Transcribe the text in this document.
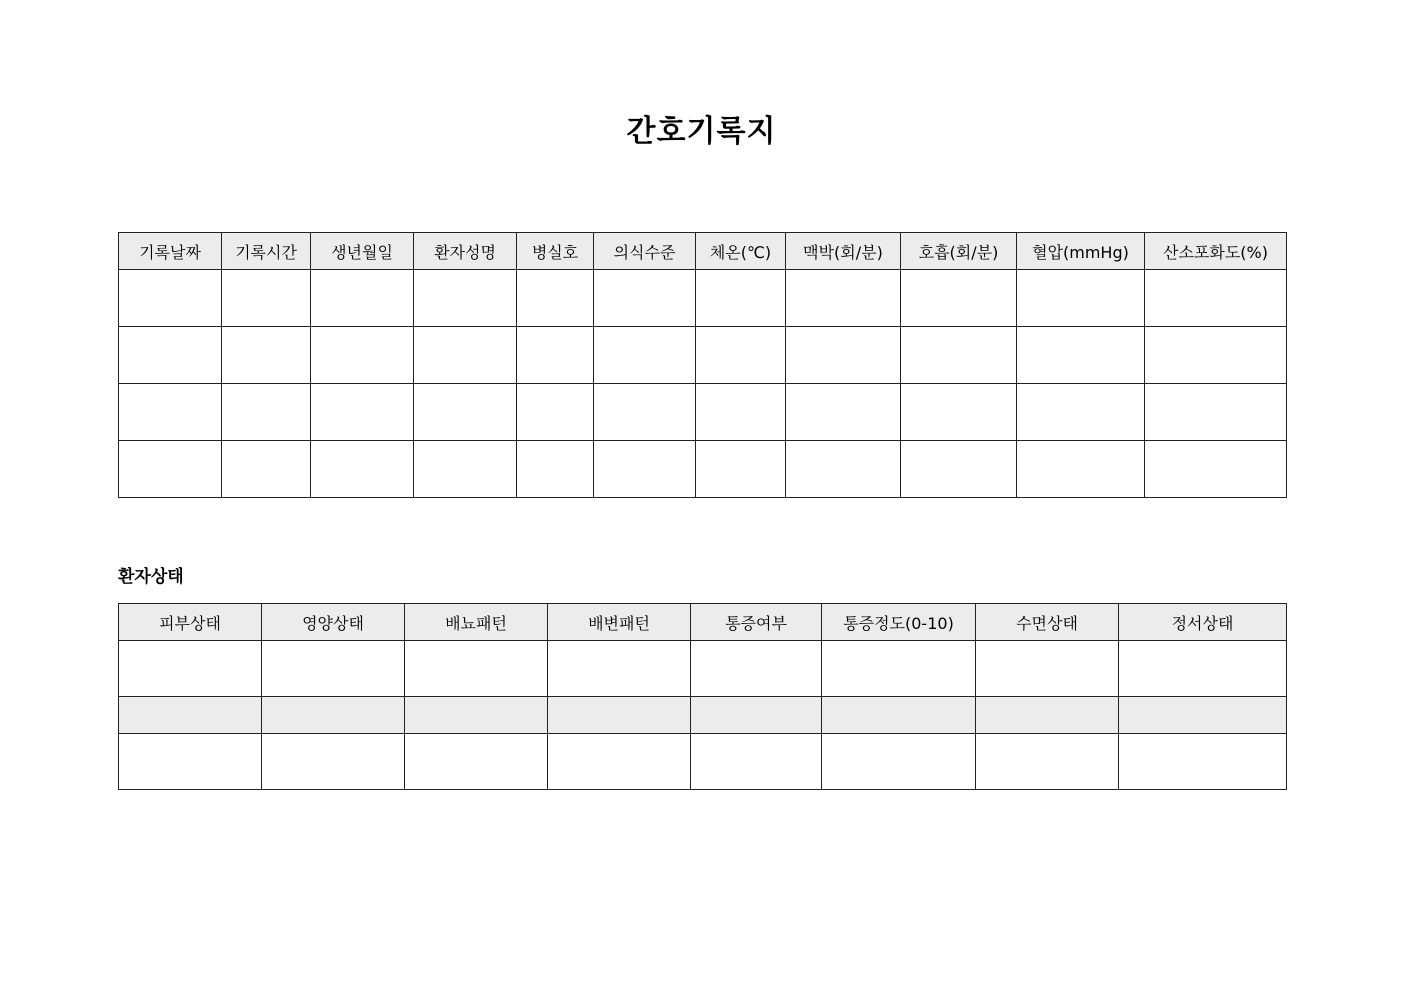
간호기록지
기록날짜	기록시간	생년월일	환자성명	병실호	의식수준	체온(℃)	맥박(회/분)	호흡(회/분)	혈압(mmHg)	산소포화도(%)

환자상태
피부상태	영양상태	배뇨패턴	배변패턴	통증여부	통증정도(0-10)	수면상태	정서상태
